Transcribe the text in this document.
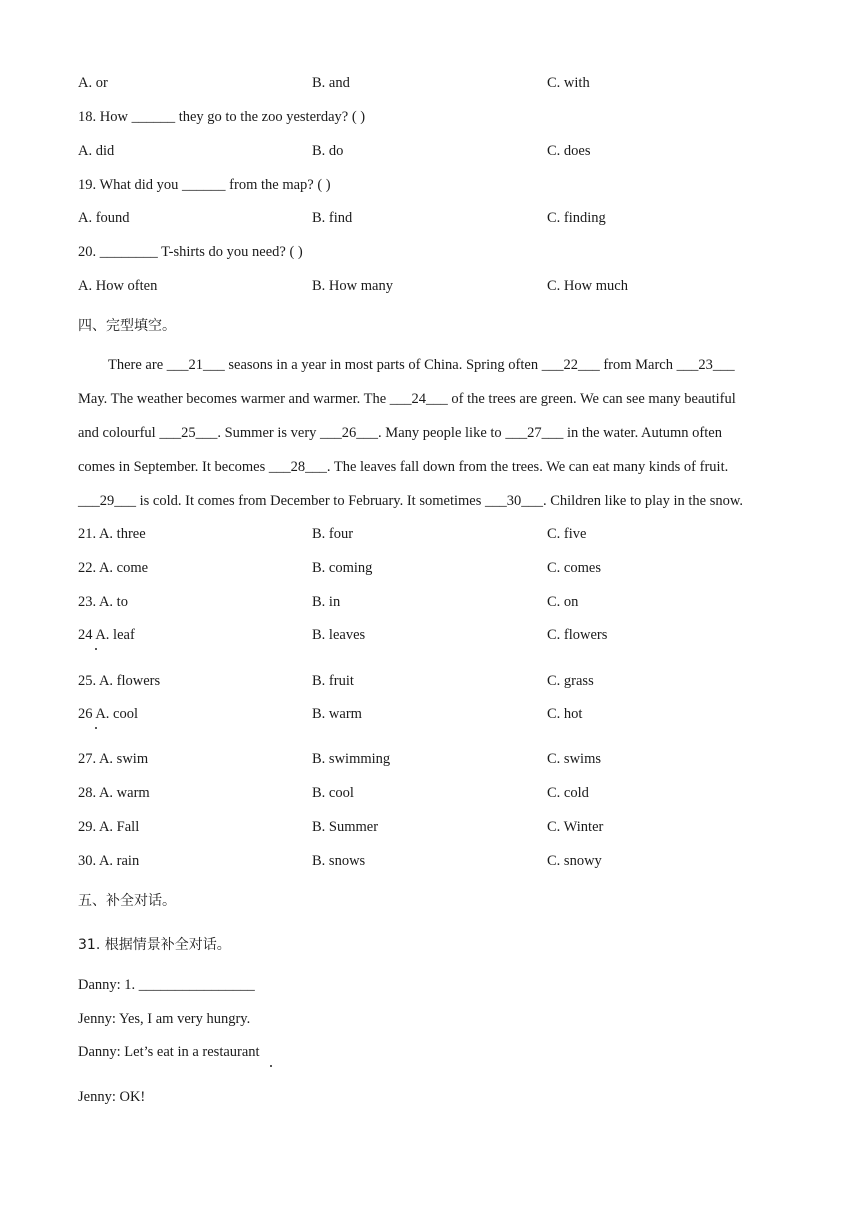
A. or	B. and	C. with
18. How ______ they go to the zoo yesterday? ( )
A. did	B. do	C. does
19. What did you ______ from the map? ( )
A. found	B. find	C. finding
20. ________ T-shirts do you need? ( )
A. How often	B. How many	C. How much
四、完型填空。
There are ___21___ seasons in a year in most parts of China. Spring often ___22___ from March ___23___
May. The weather becomes warmer and warmer. The ___24___ of the trees are green. We can see many beautiful
and colourful ___25___. Summer is very ___26___. Many people like to ___27___ in the water. Autumn often
comes in September. It becomes ___28___. The leaves fall down from the trees. We can eat many kinds of fruit.
___29___ is cold. It comes from December to February. It sometimes ___30___. Children like to play in the snow.
21. A. three	B. four	C. five
22. A. come	B. coming	C. comes
23. A. to	B. in	C. on
24 A. leaf	B. leaves	C. flowers
25. A. flowers	B. fruit	C. grass
26 A. cool	B. warm	C. hot
27. A. swim	B. swimming	C. swims
28. A. warm	B. cool	C. cold
29. A. Fall	B. Summer	C. Winter
30. A. rain	B. snows	C. snowy
五、补全对话。
31. 根据情景补全对话。
Danny: 1. ________________
Jenny: Yes, I am very hungry.
Danny: Let’s eat in a restaurant
Jenny: OK!
